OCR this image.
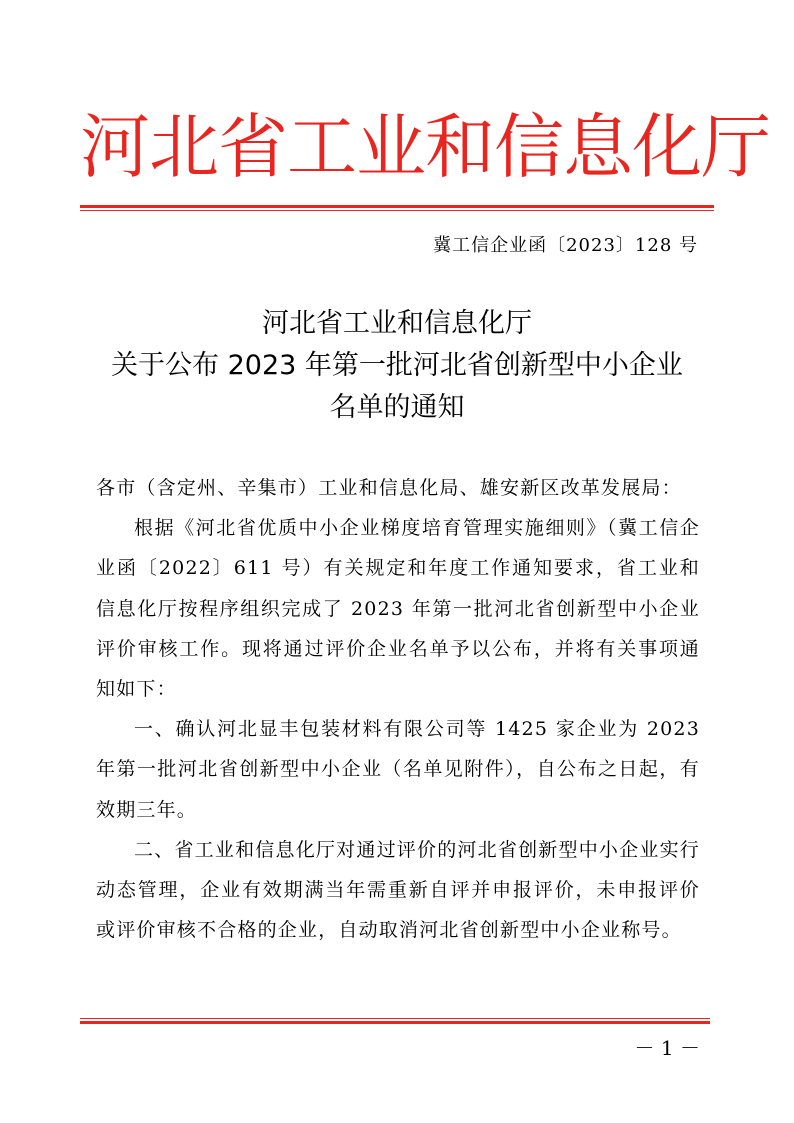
河北省工业和信息化厅
冀工信企业函〔2023〕128 号
河北省工业和信息化厅
关于公布 2023 年第一批河北省创新型中小企业
名单的通知

各市（含定州、辛集市）工业和信息化局、雄安新区改革发展局：

根据《河北省优质中小企业梯度培育管理实施细则》（冀工信企业函〔2022〕611 号）有关规定和年度工作通知要求，省工业和信息化厅按程序组织完成了 2023 年第一批河北省创新型中小企业评价审核工作。现将通过评价企业名单予以公布，并将有关事项通知如下：

一、确认河北显丰包装材料有限公司等 1425 家企业为 2023 年第一批河北省创新型中小企业（名单见附件），自公布之日起，有效期三年。

二、省工业和信息化厅对通过评价的河北省创新型中小企业实行动态管理，企业有效期满当年需重新自评并申报评价，未申报评价或评价审核不合格的企业，自动取消河北省创新型中小企业称号。

－ 1 －
